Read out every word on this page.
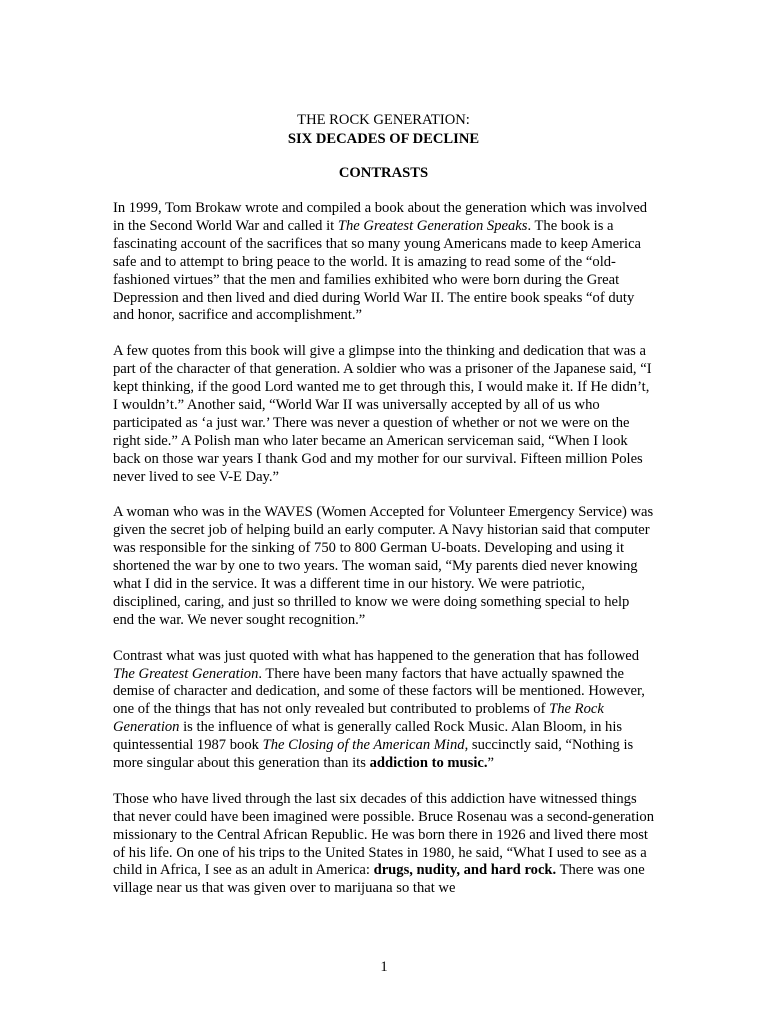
THE ROCK GENERATION:
SIX DECADES OF DECLINE
CONTRASTS

In 1999, Tom Brokaw wrote and compiled a book about the generation which was involved in the Second World War and called it The Greatest Generation Speaks. The book is a fascinating account of the sacrifices that so many young Americans made to keep America safe and to attempt to bring peace to the world. It is amazing to read some of the “old-fashioned virtues” that the men and families exhibited who were born during the Great Depression and then lived and died during World War II. The entire book speaks “of duty and honor, sacrifice and accomplishment.”

A few quotes from this book will give a glimpse into the thinking and dedication that was a part of the character of that generation. A soldier who was a prisoner of the Japanese said, “I kept thinking, if the good Lord wanted me to get through this, I would make it. If He didn’t, I wouldn’t.” Another said, “World War II was universally accepted by all of us who participated as ‘a just war.’ There was never a question of whether or not we were on the right side.” A Polish man who later became an American serviceman said, “When I look back on those war years I thank God and my mother for our survival. Fifteen million Poles never lived to see V-E Day.”

A woman who was in the WAVES (Women Accepted for Volunteer Emergency Service) was given the secret job of helping build an early computer. A Navy historian said that computer was responsible for the sinking of 750 to 800 German U-boats. Developing and using it shortened the war by one to two years. The woman said, “My parents died never knowing what I did in the service. It was a different time in our history. We were patriotic, disciplined, caring, and just so thrilled to know we were doing something special to help end the war. We never sought recognition.”

Contrast what was just quoted with what has happened to the generation that has followed The Greatest Generation. There have been many factors that have actually spawned the demise of character and dedication, and some of these factors will be mentioned. However, one of the things that has not only revealed but contributed to problems of The Rock Generation is the influence of what is generally called Rock Music. Alan Bloom, in his quintessential 1987 book The Closing of the American Mind, succinctly said, “Nothing is more singular about this generation than its addiction to music.”

Those who have lived through the last six decades of this addiction have witnessed things that never could have been imagined were possible. Bruce Rosenau was a second-generation missionary to the Central African Republic. He was born there in 1926 and lived there most of his life. On one of his trips to the United States in 1980, he said, “What I used to see as a child in Africa, I see as an adult in America: drugs, nudity, and hard rock. There was one village near us that was given over to marijuana so that we

1
